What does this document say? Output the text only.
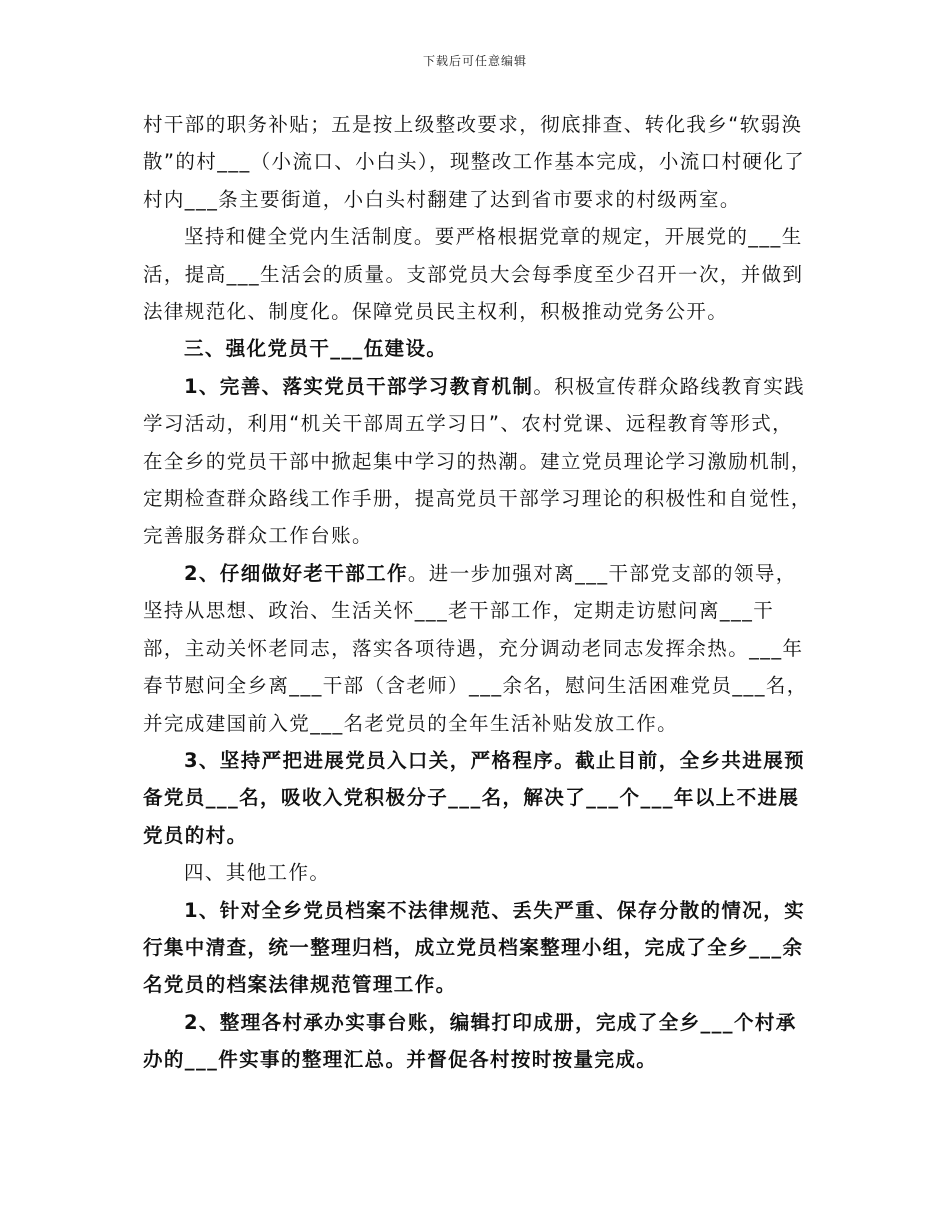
下载后可任意编辑

村干部的职务补贴；五是按上级整改要求，彻底排查、转化我乡“软弱涣散”的村___（小流口、小白头），现整改工作基本完成，小流口村硬化了村内___条主要街道，小白头村翻建了达到省市要求的村级两室。

坚持和健全党内生活制度。要严格根据党章的规定，开展党的___生活，提高___生活会的质量。支部党员大会每季度至少召开一次，并做到法律规范化、制度化。保障党员民主权利，积极推动党务公开。

三、强化党员干___伍建设。

1、完善、落实党员干部学习教育机制。积极宣传群众路线教育实践学习活动，利用“机关干部周五学习日”、农村党课、远程教育等形式，在全乡的党员干部中掀起集中学习的热潮。建立党员理论学习激励机制，定期检查群众路线工作手册，提高党员干部学习理论的积极性和自觉性，完善服务群众工作台账。

2、仔细做好老干部工作。进一步加强对离___干部党支部的领导，坚持从思想、政治、生活关怀___老干部工作，定期走访慰问离___干部，主动关怀老同志，落实各项待遇，充分调动老同志发挥余热。___年春节慰问全乡离___干部（含老师）___余名，慰问生活困难党员___名，并完成建国前入党___名老党员的全年生活补贴发放工作。

3、坚持严把进展党员入口关，严格程序。截止目前，全乡共进展预备党员___名，吸收入党积极分子___名，解决了___个___年以上不进展党员的村。

四、其他工作。

1、针对全乡党员档案不法律规范、丢失严重、保存分散的情况，实行集中清查，统一整理归档，成立党员档案整理小组，完成了全乡___余名党员的档案法律规范管理工作。

2、整理各村承办实事台账，编辑打印成册，完成了全乡___个村承办的___件实事的整理汇总。并督促各村按时按量完成。
